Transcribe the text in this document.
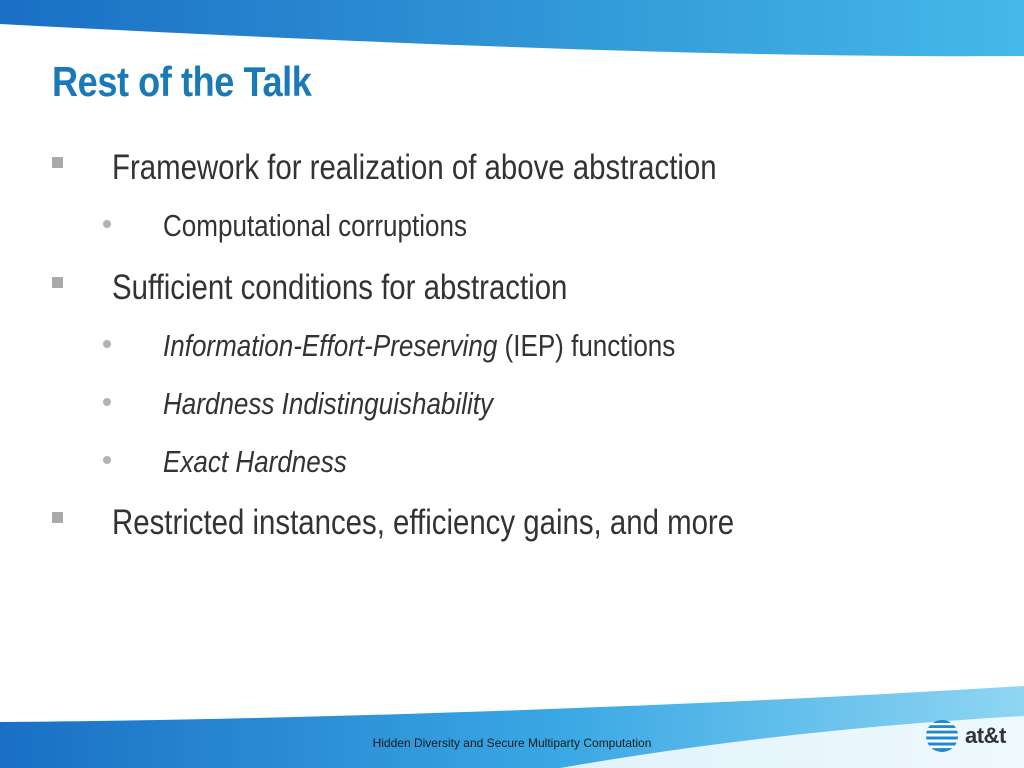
Rest of the Talk
Framework for realization of above abstraction
Computational corruptions
Sufficient conditions for abstraction
Information-Effort-Preserving (IEP) functions
Hardness Indistinguishability
Exact Hardness
Restricted instances, efficiency gains, and more
Hidden Diversity and Secure Multiparty Computation	at&t
